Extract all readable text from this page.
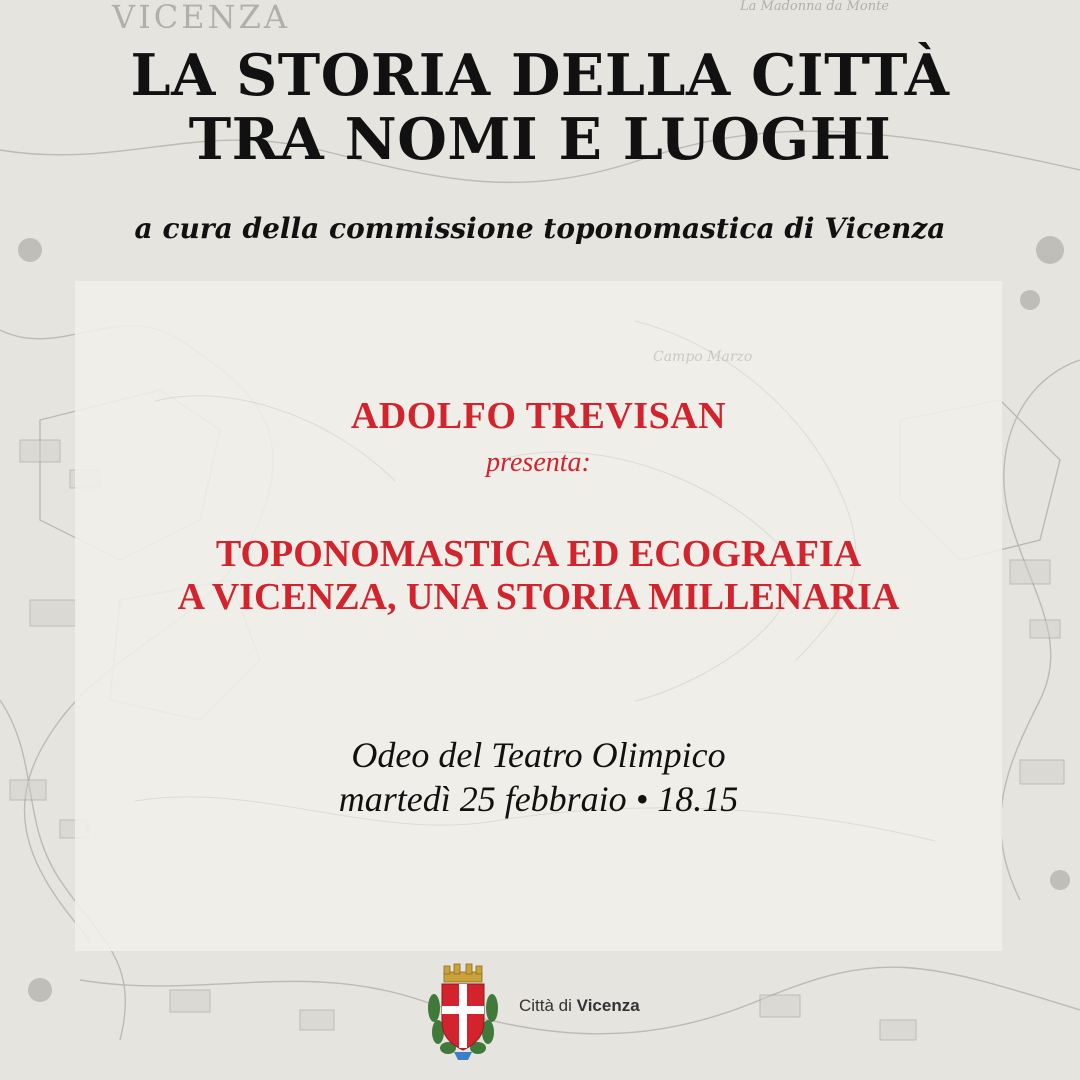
VICENZA	La Madonna da Monte
LA STORIA DELLA CITTÀ
TRA NOMI E LUOGHI
a cura della commissione toponomastica di Vicenza
Campo Marzo
ADOLFO TREVISAN
presenta:
TOPONOMASTICA ED ECOGRAFIA
A VICENZA, UNA STORIA MILLENARIA
Odeo del Teatro Olimpico
martedì 25 febbraio • 18.15
Città di Vicenza
